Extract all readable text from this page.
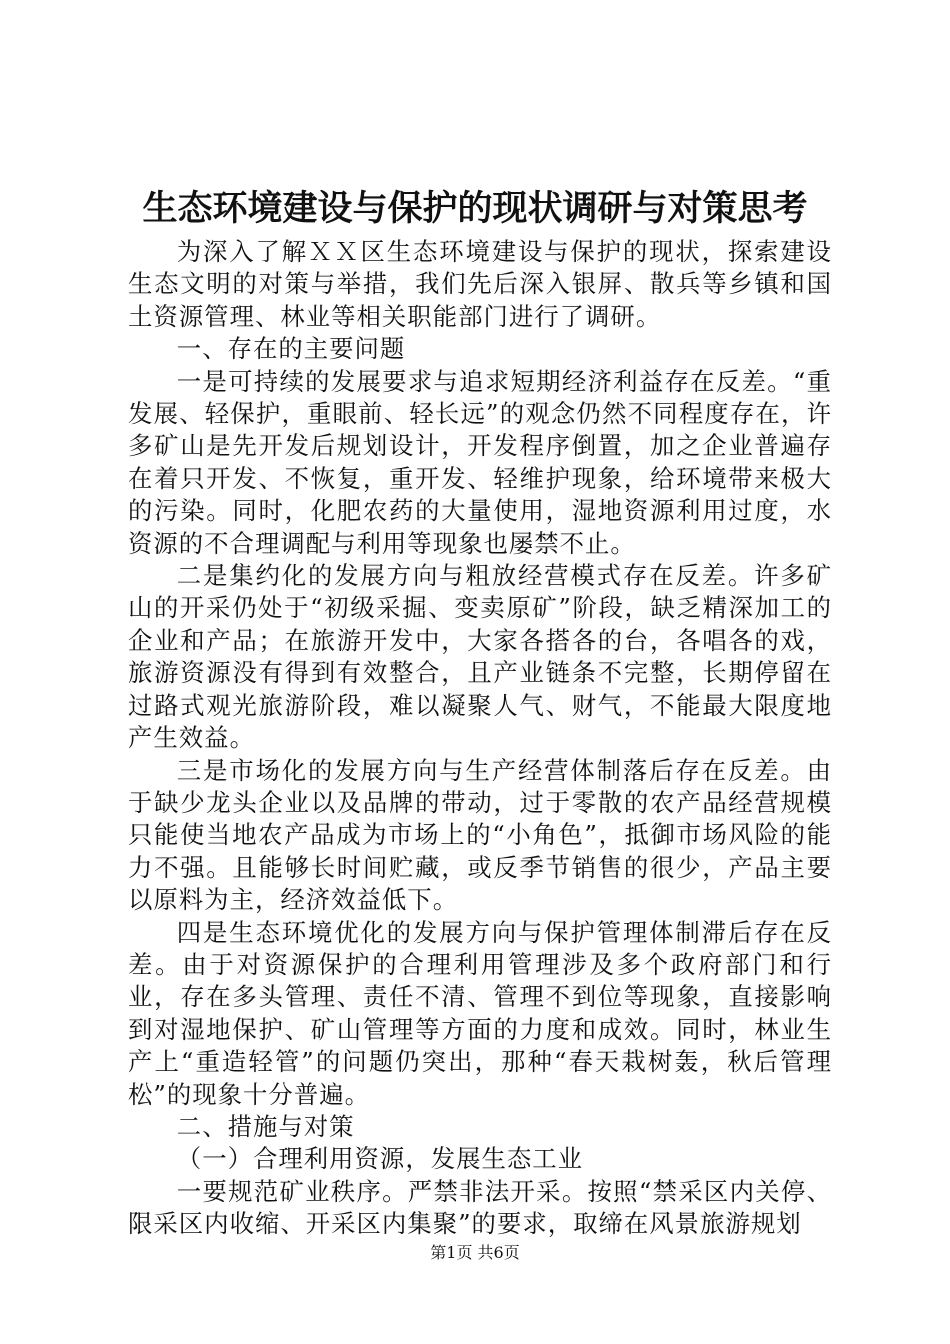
生态环境建设与保护的现状调研与对策思考

为深入了解ＸＸ区生态环境建设与保护的现状，探索建设生态文明的对策与举措，我们先后深入银屏、散兵等乡镇和国土资源管理、林业等相关职能部门进行了调研。

一、存在的主要问题

一是可持续的发展要求与追求短期经济利益存在反差。“重发展、轻保护，重眼前、轻长远”的观念仍然不同程度存在，许多矿山是先开发后规划设计，开发程序倒置，加之企业普遍存在着只开发、不恢复，重开发、轻维护现象，给环境带来极大的污染。同时，化肥农药的大量使用，湿地资源利用过度，水资源的不合理调配与利用等现象也屡禁不止。

二是集约化的发展方向与粗放经营模式存在反差。许多矿山的开采仍处于“初级采掘、变卖原矿”阶段，缺乏精深加工的企业和产品；在旅游开发中，大家各搭各的台，各唱各的戏，旅游资源没有得到有效整合，且产业链条不完整，长期停留在过路式观光旅游阶段，难以凝聚人气、财气，不能最大限度地产生效益。

三是市场化的发展方向与生产经营体制落后存在反差。由于缺少龙头企业以及品牌的带动，过于零散的农产品经营规模只能使当地农产品成为市场上的“小角色”，抵御市场风险的能力不强。且能够长时间贮藏，或反季节销售的很少，产品主要以原料为主，经济效益低下。

四是生态环境优化的发展方向与保护管理体制滞后存在反差。由于对资源保护的合理利用管理涉及多个政府部门和行业，存在多头管理、责任不清、管理不到位等现象，直接影响到对湿地保护、矿山管理等方面的力度和成效。同时，林业生产上“重造轻管”的问题仍突出，那种“春天栽树轰，秋后管理松”的现象十分普遍。

二、措施与对策

（一）合理利用资源，发展生态工业

一要规范矿业秩序。严禁非法开采。按照“禁采区内关停、限采区内收缩、开采区内集聚”的要求，取缔在风景旅游规划

第1页 共6页
